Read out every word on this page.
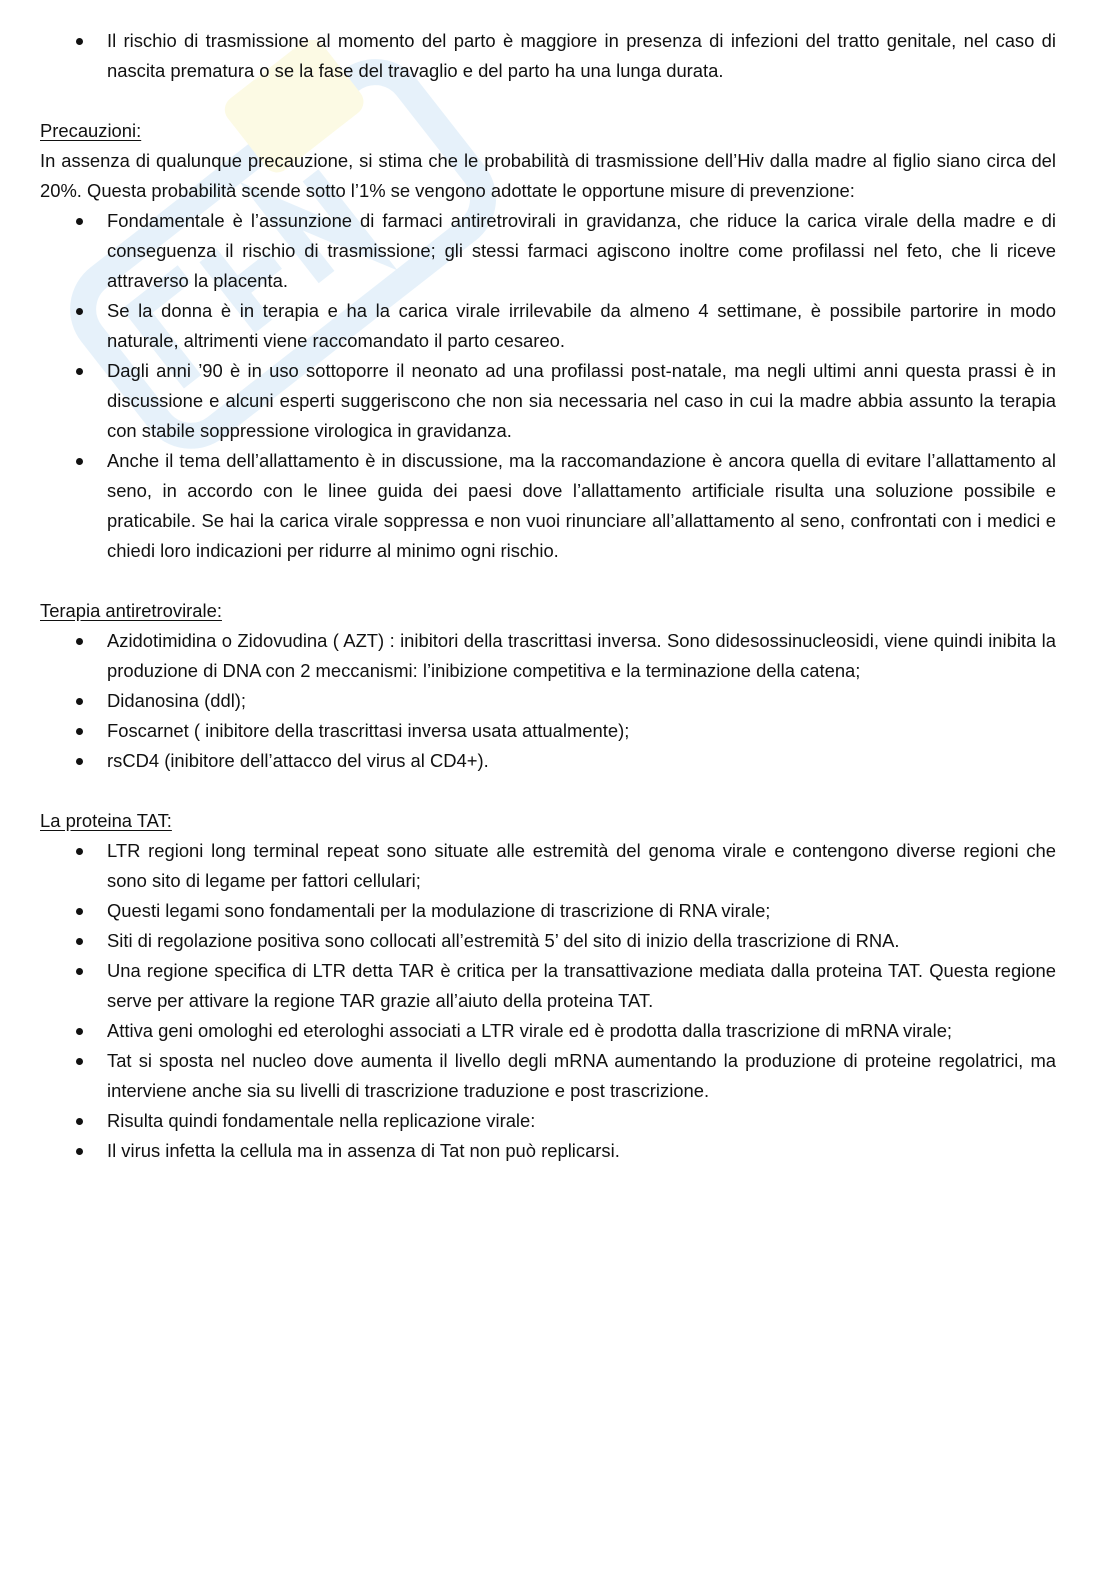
Il rischio di trasmissione al momento del parto è maggiore in presenza di infezioni del tratto genitale, nel caso di nascita prematura o se la fase del travaglio e del parto ha una lunga durata.
Precauzioni:

In assenza di qualunque precauzione, si stima che le probabilità di trasmissione dell’Hiv dalla madre al figlio siano circa del 20%. Questa probabilità scende sotto l’1% se vengono adottate le opportune misure di prevenzione:

Fondamentale è l’assunzione di farmaci antiretrovirali in gravidanza, che riduce la carica virale della madre e di conseguenza il rischio di trasmissione; gli stessi farmaci agiscono inoltre come profilassi nel feto, che li riceve attraverso la placenta.
Se la donna è in terapia e ha la carica virale irrilevabile da almeno 4 settimane, è possibile partorire in modo naturale, altrimenti viene raccomandato il parto cesareo.
Dagli anni ’90 è in uso sottoporre il neonato ad una profilassi post-natale, ma negli ultimi anni questa prassi è in discussione e alcuni esperti suggeriscono che non sia necessaria nel caso in cui la madre abbia assunto la terapia con stabile soppressione virologica in gravidanza.
Anche il tema dell’allattamento è in discussione, ma la raccomandazione è ancora quella di evitare l’allattamento al seno, in accordo con le linee guida dei paesi dove l’allattamento artificiale risulta una soluzione possibile e praticabile. Se hai la carica virale soppressa e non vuoi rinunciare all’allattamento al seno, confrontati con i medici e chiedi loro indicazioni per ridurre al minimo ogni rischio.
Terapia antiretrovirale:
Azidotimidina o Zidovudina ( AZT) : inibitori della trascrittasi inversa. Sono didesossinucleosidi, viene quindi inibita la produzione di DNA con 2 meccanismi: l’inibizione competitiva e la terminazione della catena;
Didanosina (ddl);
Foscarnet ( inibitore della trascrittasi inversa usata attualmente);
rsCD4 (inibitore dell’attacco del virus al CD4+).
La proteina TAT:
LTR regioni long terminal repeat sono situate alle estremità del genoma virale e contengono diverse regioni che sono sito di legame per fattori cellulari;
Questi legami sono fondamentali per la modulazione di trascrizione di RNA virale;
Siti di regolazione positiva sono collocati all’estremità 5’ del sito di inizio della trascrizione di RNA.
Una regione specifica di LTR detta TAR è critica per la transattivazione mediata dalla proteina TAT. Questa regione serve per attivare la regione TAR grazie all’aiuto della proteina TAT.
Attiva geni omologhi ed eterologhi associati a LTR virale ed è prodotta dalla trascrizione di mRNA virale;
Tat si sposta nel nucleo dove aumenta il livello degli mRNA aumentando la produzione di proteine regolatrici, ma interviene anche sia su livelli di trascrizione traduzione e post trascrizione.
Risulta quindi fondamentale nella replicazione virale:
Il virus infetta la cellula ma in assenza di Tat non può replicarsi.
